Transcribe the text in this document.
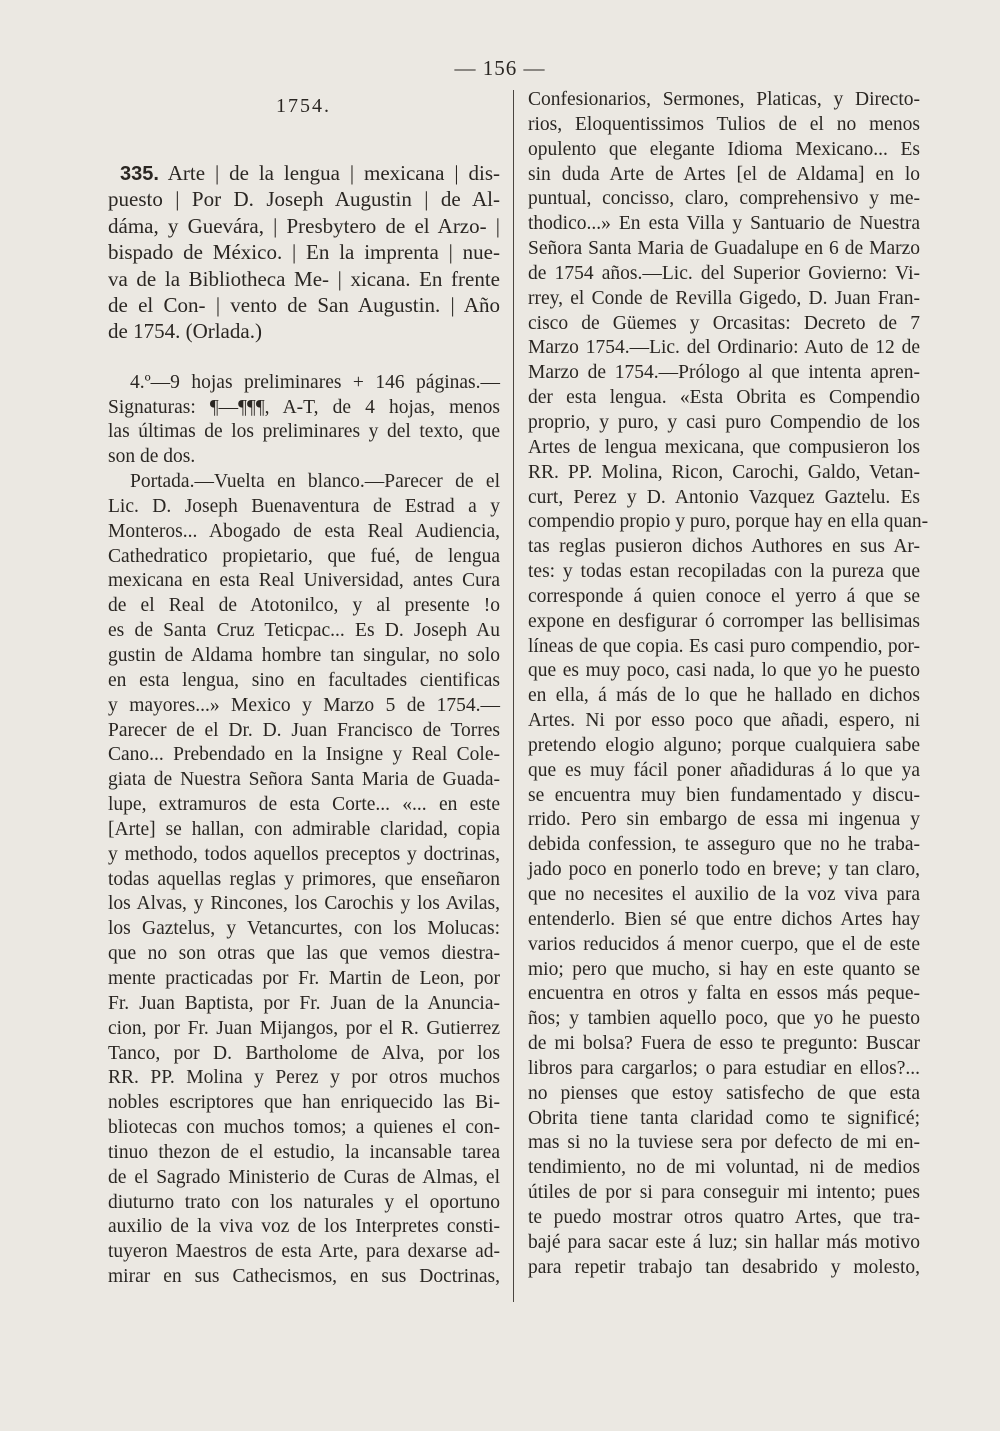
— 156 —
1754.
335. Arte | de la lengua | mexicana | dis-
puesto | Por D. Joseph Augustin | de Al-
dáma, y Guevára, | Presbytero de el Arzo- |
bispado de México. | En la imprenta | nue-
va de la Bibliotheca Me- | xicana. En frente
de el Con- | vento de San Augustin. | Año
de 1754. (Orlada.)
4.º—9 hojas preliminares + 146 páginas.—
Signaturas: ¶—¶¶¶, A-T, de 4 hojas, menos
las últimas de los preliminares y del texto, que
son de dos.
Portada.—Vuelta en blanco.—Parecer de el
Lic. D. Joseph Buenaventura de Estrad a y
Monteros... Abogado de esta Real Audiencia,
Cathedratico propietario, que fué, de lengua
mexicana en esta Real Universidad, antes Cura
de el Real de Atotonilco, y al presente !o
es de Santa Cruz Teticpac... Es D. Joseph Au
gustin de Aldama hombre tan singular, no solo
en esta lengua, sino en facultades cientificas
y mayores...» Mexico y Marzo 5 de 1754.—
Parecer de el Dr. D. Juan Francisco de Torres
Cano... Prebendado en la Insigne y Real Cole-
giata de Nuestra Señora Santa Maria de Guada-
lupe, extramuros de esta Corte... «... en este
[Arte] se hallan, con admirable claridad, copia
y methodo, todos aquellos preceptos y doctrinas,
todas aquellas reglas y primores, que enseñaron
los Alvas, y Rincones, los Carochis y los Avilas,
los Gaztelus, y Vetancurtes, con los Molucas:
que no son otras que las que vemos diestra-
mente practicadas por Fr. Martin de Leon, por
Fr. Juan Baptista, por Fr. Juan de la Anuncia-
cion, por Fr. Juan Mijangos, por el R. Gutierrez
Tanco, por D. Bartholome de Alva, por los
RR. PP. Molina y Perez y por otros muchos
nobles escriptores que han enriquecido las Bi-
bliotecas con muchos tomos; a quienes el con-
tinuo thezon de el estudio, la incansable tarea
de el Sagrado Ministerio de Curas de Almas, el
diuturno trato con los naturales y el oportuno
auxilio de la viva voz de los Interpretes consti-
tuyeron Maestros de esta Arte, para dexarse ad-
mirar en sus Cathecismos, en sus Doctrinas,
Confesionarios, Sermones, Platicas, y Directo-
rios, Eloquentissimos Tulios de el no menos
opulento que elegante Idioma Mexicano... Es
sin duda Arte de Artes [el de Aldama] en lo
puntual, concisso, claro, comprehensivo y me-
thodico...» En esta Villa y Santuario de Nuestra
Señora Santa Maria de Guadalupe en 6 de Marzo
de 1754 años.—Lic. del Superior Govierno: Vi-
rrey, el Conde de Revilla Gigedo, D. Juan Fran-
cisco de Güemes y Orcasitas: Decreto de 7
Marzo 1754.—Lic. del Ordinario: Auto de 12 de
Marzo de 1754.—Prólogo al que intenta apren-
der esta lengua. «Esta Obrita es Compendio
proprio, y puro, y casi puro Compendio de los
Artes de lengua mexicana, que compusieron los
RR. PP. Molina, Ricon, Carochi, Galdo, Vetan-
curt, Perez y D. Antonio Vazquez Gaztelu. Es
compendio propio y puro, porque hay en ella quan-
tas reglas pusieron dichos Authores en sus Ar-
tes: y todas estan recopiladas con la pureza que
corresponde á quien conoce el yerro á que se
expone en desfigurar ó corromper las bellisimas
líneas de que copia. Es casi puro compendio, por-
que es muy poco, casi nada, lo que yo he puesto
en ella, á más de lo que he hallado en dichos
Artes. Ni por esso poco que añadi, espero, ni
pretendo elogio alguno; porque cualquiera sabe
que es muy fácil poner añadiduras á lo que ya
se encuentra muy bien fundamentado y discu-
rrido. Pero sin embargo de essa mi ingenua y
debida confession, te asseguro que no he traba-
jado poco en ponerlo todo en breve; y tan claro,
que no necesites el auxilio de la voz viva para
entenderlo. Bien sé que entre dichos Artes hay
varios reducidos á menor cuerpo, que el de este
mio; pero que mucho, si hay en este quanto se
encuentra en otros y falta en essos más peque-
ños; y tambien aquello poco, que yo he puesto
de mi bolsa? Fuera de esso te pregunto: Buscar
libros para cargarlos; o para estudiar en ellos?...
no pienses que estoy satisfecho de que esta
Obrita tiene tanta claridad como te significé;
mas si no la tuviese sera por defecto de mi en-
tendimiento, no de mi voluntad, ni de medios
útiles de por si para conseguir mi intento; pues
te puedo mostrar otros quatro Artes, que tra-
bajé para sacar este á luz; sin hallar más motivo
para repetir trabajo tan desabrido y molesto,
